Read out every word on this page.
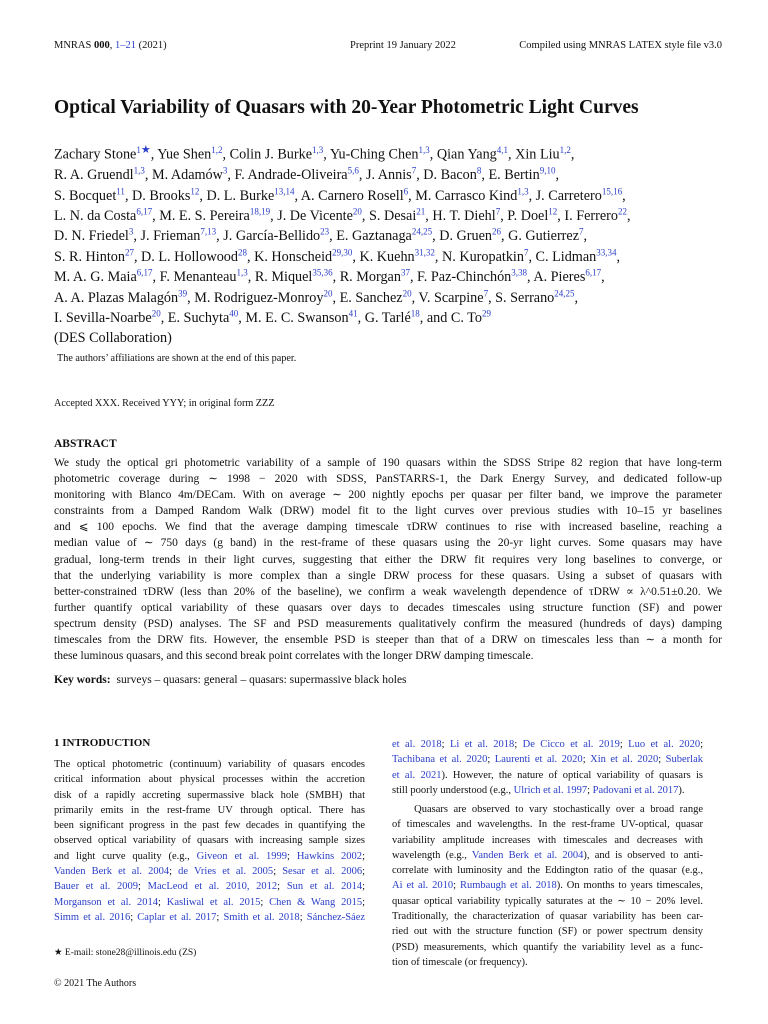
MNRAS 000, 1–21 (2021)	Preprint 19 January 2022	Compiled using MNRAS LATEX style file v3.0
Optical Variability of Quasars with 20-Year Photometric Light Curves
Zachary Stone$^{1★}$, Yue Shen$^{1,2}$, Colin J. Burke$^{1,3}$, Yu-Ching Chen$^{1,3}$, Qian Yang$^{4,1}$, Xin Liu$^{1,2}$,
R. A. Gruendl$^{1,3}$, M. Adamów$^3$, F. Andrade-Oliveira$^{5,6}$, J. Annis$^7$, D. Bacon$^8$, E. Bertin$^{9,10}$,
S. Bocquet$^{11}$, D. Brooks$^{12}$, D. L. Burke$^{13,14}$, A. Carnero Rosell$^6$, M. Carrasco Kind$^{1,3}$, J. Carretero$^{15,16}$,
L. N. da Costa$^{6,17}$, M. E. S. Pereira$^{18,19}$, J. De Vicente$^{20}$, S. Desai$^{21}$, H. T. Diehl$^7$, P. Doel$^{12}$, I. Ferrero$^{22}$,
D. N. Friedel$^3$, J. Frieman$^{7,13}$, J. García-Bellido$^{23}$, E. Gaztanaga$^{24,25}$, D. Gruen$^{26}$, G. Gutierrez$^7$,
S. R. Hinton$^{27}$, D. L. Hollowood$^{28}$, K. Honscheid$^{29,30}$, K. Kuehn$^{31,32}$, N. Kuropatkin$^7$, C. Lidman$^{33,34}$,
M. A. G. Maia$^{6,17}$, F. Menanteau$^{1,3}$, R. Miquel$^{35,36}$, R. Morgan$^{37}$, F. Paz-Chinchón$^{3,38}$, A. Pieres$^{6,17}$,
A. A. Plazas Malagón$^{39}$, M. Rodriguez-Monroy$^{20}$, E. Sanchez$^{20}$, V. Scarpine$^7$, S. Serrano$^{24,25}$,
I. Sevilla-Noarbe$^{20}$, E. Suchyta$^{40}$, M. E. C. Swanson$^{41}$, G. Tarlé$^{18}$, and C. To$^{29}$
(DES Collaboration)
The authors’ affiliations are shown at the end of this paper.
Accepted XXX. Received YYY; in original form ZZZ
ABSTRACT
We study the optical gri photometric variability of a sample of 190 quasars within the SDSS Stripe 82 region that have long-term
photometric coverage during ∼ 1998 − 2020 with SDSS, PanSTARRS-1, the Dark Energy Survey, and dedicated follow-up
monitoring with Blanco 4m/DECam. With on average ∼ 200 nightly epochs per quasar per filter band, we improve the parameter
constraints from a Damped Random Walk (DRW) model fit to the light curves over previous studies with 10–15 yr baselines
and ⩽ 100 epochs. We find that the average damping timescale τDRW continues to rise with increased baseline, reaching a
median value of ∼ 750 days (g band) in the rest-frame of these quasars using the 20-yr light curves. Some quasars may have
gradual, long-term trends in their light curves, suggesting that either the DRW fit requires very long baselines to converge, or
that the underlying variability is more complex than a single DRW process for these quasars. Using a subset of quasars with
better-constrained τDRW (less than 20% of the baseline), we confirm a weak wavelength dependence of τDRW ∝ λ^0.51±0.20. We
further quantify optical variability of these quasars over days to decades timescales using structure function (SF) and power
spectrum density (PSD) analyses. The SF and PSD measurements qualitatively confirm the measured (hundreds of days) damping
timescales from the DRW fits. However, the ensemble PSD is steeper than that of a DRW on timescales less than ∼ a month for
these luminous quasars, and this second break point correlates with the longer DRW damping timescale.
Key words: surveys – quasars: general – quasars: supermassive black holes
1 INTRODUCTION
The optical photometric (continuum) variability of quasars encodes
critical information about physical processes within the accretion
disk of a rapidly accreting supermassive black hole (SMBH) that
primarily emits in the rest-frame UV through optical. There has
been significant progress in the past few decades in quantifying the
observed optical variability of quasars with increasing sample sizes
and light curve quality (e.g., Giveon et al. 1999; Hawkins 2002;
Vanden Berk et al. 2004; de Vries et al. 2005; Sesar et al. 2006;
Bauer et al. 2009; MacLeod et al. 2010, 2012; Sun et al. 2014;
Morganson et al. 2014; Kasliwal et al. 2015; Chen & Wang 2015;
Simm et al. 2016; Caplar et al. 2017; Smith et al. 2018; Sánchez-Sáez
et al. 2018; Li et al. 2018; De Cicco et al. 2019; Luo et al. 2020;
Tachibana et al. 2020; Laurenti et al. 2020; Xin et al. 2020; Suberlak
et al. 2021). However, the nature of optical variability of quasars is
still poorly understood (e.g., Ulrich et al. 1997; Padovani et al. 2017).
Quasars are observed to vary stochastically over a broad range
of timescales and wavelengths. In the rest-frame UV-optical, quasar
variability amplitude increases with timescales and decreases with
wavelength (e.g., Vanden Berk et al. 2004), and is observed to anti-
correlate with luminosity and the Eddington ratio of the quasar (e.g.,
Ai et al. 2010; Rumbaugh et al. 2018). On months to years timescales,
quasar optical variability typically saturates at the ∼ 10 − 20% level.
Traditionally, the characterization of quasar variability has been car-
ried out with the structure function (SF) or power spectrum density
(PSD) measurements, which quantify the variability level as a func-
tion of timescale (or frequency).
★ E-mail: stone28@illinois.edu (ZS)
© 2021 The Authors
